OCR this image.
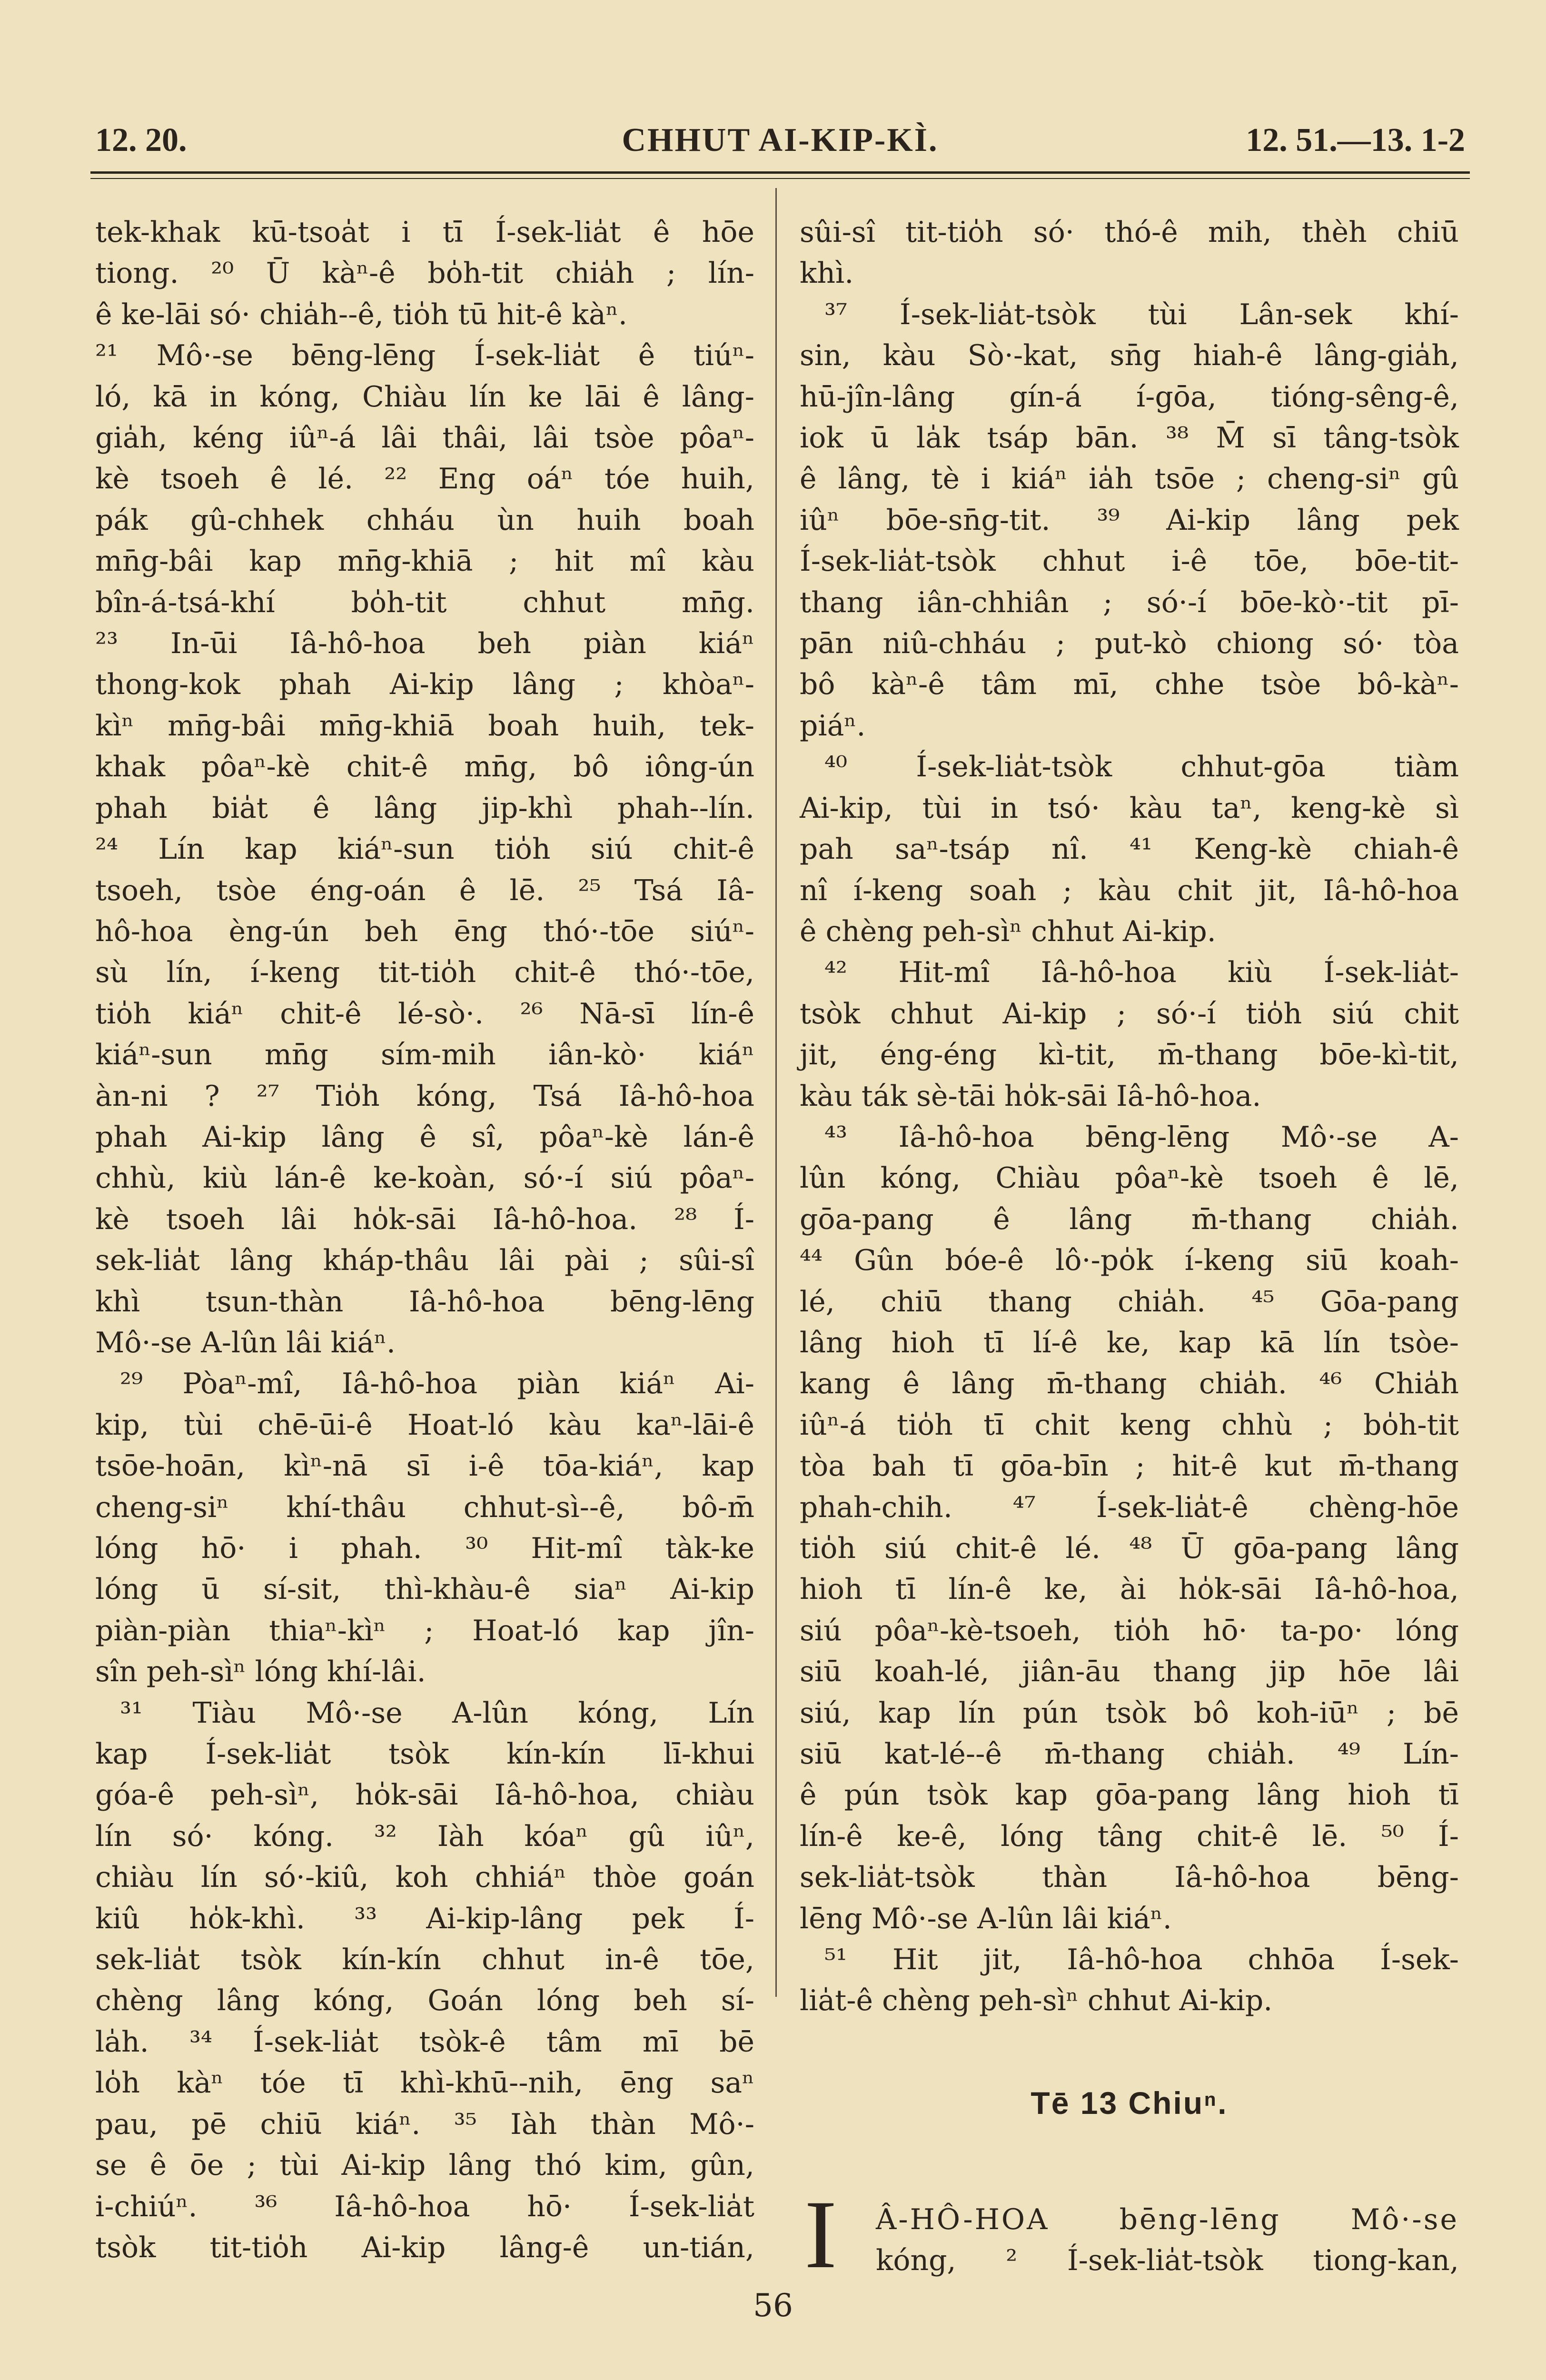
12. 20.	CHHUT AI-KIP-KÌ.	12. 51.—13. 1-2

tek-khak kū-tsoa̍t i tī Í-sek-lia̍t ê hōe

tiong. ²⁰ Ū kàⁿ-ê bo̍h-tit chia̍h ; lín-

ê ke-lāi só· chia̍h--ê, tio̍h tū hit-ê kàⁿ.

²¹ Mô·-se bēng-lēng Í-sek-lia̍t ê tiúⁿ-

ló, kā in kóng, Chiàu lín ke lāi ê lâng-

gia̍h, kéng iûⁿ-á lâi thâi, lâi tsòe pôaⁿ-

kè tsoeh ê lé. ²² Eng oáⁿ tóe huih,

pák gû-chhek chháu ùn huih boah

mn̄g-bâi kap mn̄g-khiā ; hit mî kàu

bîn-á-tsá-khí bo̍h-tit chhut mn̄g.

²³ In-ūi Iâ-hô-hoa beh piàn kiáⁿ

thong-kok phah Ai-kip lâng ; khòaⁿ-

kìⁿ mn̄g-bâi mn̄g-khiā boah huih, tek-

khak pôaⁿ-kè chit-ê mn̄g, bô iông-ún

phah bia̍t ê lâng jip-khì phah--lín.

²⁴ Lín kap kiáⁿ-sun tio̍h siú chit-ê

tsoeh, tsòe éng-oán ê lē. ²⁵ Tsá Iâ-

hô-hoa èng-ún beh ēng thó·-tōe siúⁿ-

sù lín, í-keng tit-tio̍h chit-ê thó·-tōe,

tio̍h kiáⁿ chit-ê lé-sò·. ²⁶ Nā-sī lín-ê

kiáⁿ-sun mn̄g sím-mih iân-kò· kiáⁿ

àn-ni ? ²⁷ Tio̍h kóng, Tsá Iâ-hô-hoa

phah Ai-kip lâng ê sî, pôaⁿ-kè lán-ê

chhù, kiù lán-ê ke-koàn, só·-í siú pôaⁿ-

kè tsoeh lâi ho̍k-sāi Iâ-hô-hoa. ²⁸ Í-

sek-lia̍t lâng kháp-thâu lâi pài ; sûi-sî

khì tsun-thàn Iâ-hô-hoa bēng-lēng

Mô·-se A-lûn lâi kiáⁿ.

²⁹ Pòaⁿ-mî, Iâ-hô-hoa piàn kiáⁿ Ai-

kip, tùi chē-ūi-ê Hoat-ló kàu kaⁿ-lāi-ê

tsōe-hoān, kìⁿ-nā sī i-ê tōa-kiáⁿ, kap

cheng-siⁿ khí-thâu chhut-sì--ê, bô-m̄

lóng hō· i phah. ³⁰ Hit-mî tàk-ke

lóng ū sí-sit, thì-khàu-ê siaⁿ Ai-kip

piàn-piàn thiaⁿ-kìⁿ ; Hoat-ló kap jîn-

sîn peh-sìⁿ lóng khí-lâi.

³¹ Tiàu Mô·-se A-lûn kóng, Lín

kap Í-sek-lia̍t tsòk kín-kín lī-khui

góa-ê peh-sìⁿ, ho̍k-sāi Iâ-hô-hoa, chiàu

lín só· kóng. ³² Iàh kóaⁿ gû iûⁿ,

chiàu lín só·-kiû, koh chhiáⁿ thòe goán

kiû ho̍k-khì. ³³ Ai-kip-lâng pek Í-

sek-lia̍t tsòk kín-kín chhut in-ê tōe,

chèng lâng kóng, Goán lóng beh sí-

la̍h. ³⁴ Í-sek-lia̍t tsòk-ê tâm mī bē

lo̍h kàⁿ tóe tī khì-khū--nih, ēng saⁿ

pau, pē chiū kiáⁿ. ³⁵ Iàh thàn Mô·-

se ê ōe ; tùi Ai-kip lâng thó kim, gûn,

i-chiúⁿ. ³⁶ Iâ-hô-hoa hō· Í-sek-lia̍t

tsòk tit-tio̍h Ai-kip lâng-ê un-tián,

sûi-sî tit-tio̍h só· thó-ê mih, thèh chiū

khì.

³⁷ Í-sek-lia̍t-tsòk tùi Lân-sek khí-

sin, kàu Sò·-kat, sn̄g hiah-ê lâng-gia̍h,

hū-jîn-lâng gín-á í-gōa, tióng-sêng-ê,

iok ū la̍k tsáp bān. ³⁸ M̄ sī tâng-tsòk

ê lâng, tè i kiáⁿ ia̍h tsōe ; cheng-siⁿ gû

iûⁿ bōe-sn̄g-tit. ³⁹ Ai-kip lâng pek

Í-sek-lia̍t-tsòk chhut i-ê tōe, bōe-tit-

thang iân-chhiân ; só·-í bōe-kò·-tit pī-

pān niû-chháu ; put-kò chiong só· tòa

bô kàⁿ-ê tâm mī, chhe tsòe bô-kàⁿ-

piáⁿ.

⁴⁰ Í-sek-lia̍t-tsòk chhut-gōa tiàm

Ai-kip, tùi in tsó· kàu taⁿ, keng-kè sì

pah saⁿ-tsáp nî. ⁴¹ Keng-kè chiah-ê

nî í-keng soah ; kàu chit jit, Iâ-hô-hoa

ê chèng peh-sìⁿ chhut Ai-kip.

⁴² Hit-mî Iâ-hô-hoa kiù Í-sek-lia̍t-

tsòk chhut Ai-kip ; só·-í tio̍h siú chit

jit, éng-éng kì-tit, m̄-thang bōe-kì-tit,

kàu ták sè-tāi ho̍k-sāi Iâ-hô-hoa.

⁴³ Iâ-hô-hoa bēng-lēng Mô·-se A-

lûn kóng, Chiàu pôaⁿ-kè tsoeh ê lē,

gōa-pang ê lâng m̄-thang chia̍h.

⁴⁴ Gûn bóe-ê lô·-po̍k í-keng siū koah-

lé, chiū thang chia̍h. ⁴⁵ Gōa-pang

lâng hioh tī lí-ê ke, kap kā lín tsòe-

kang ê lâng m̄-thang chia̍h. ⁴⁶ Chia̍h

iûⁿ-á tio̍h tī chit keng chhù ; bo̍h-tit

tòa bah tī gōa-bīn ; hit-ê kut m̄-thang

phah-chih. ⁴⁷ Í-sek-lia̍t-ê chèng-hōe

tio̍h siú chit-ê lé. ⁴⁸ Ū gōa-pang lâng

hioh tī lín-ê ke, ài ho̍k-sāi Iâ-hô-hoa,

siú pôaⁿ-kè-tsoeh, tio̍h hō· ta-po· lóng

siū koah-lé, jiân-āu thang jip hōe lâi

siú, kap lín pún tsòk bô koh-iūⁿ ; bē

siū kat-lé--ê m̄-thang chia̍h. ⁴⁹ Lín-

ê pún tsòk kap gōa-pang lâng hioh tī

lín-ê ke-ê, lóng tâng chit-ê lē. ⁵⁰ Í-

sek-lia̍t-tsòk thàn Iâ-hô-hoa bēng-

lēng Mô·-se A-lûn lâi kiáⁿ.

⁵¹ Hit jit, Iâ-hô-hoa chhōa Í-sek-

lia̍t-ê chèng peh-sìⁿ chhut Ai-kip.

Tē 13 Chiuⁿ.
I Â-HÔ-HOA bēng-lēng Mô·-se

kóng, ² Í-sek-lia̍t-tsòk tiong-kan,

56
